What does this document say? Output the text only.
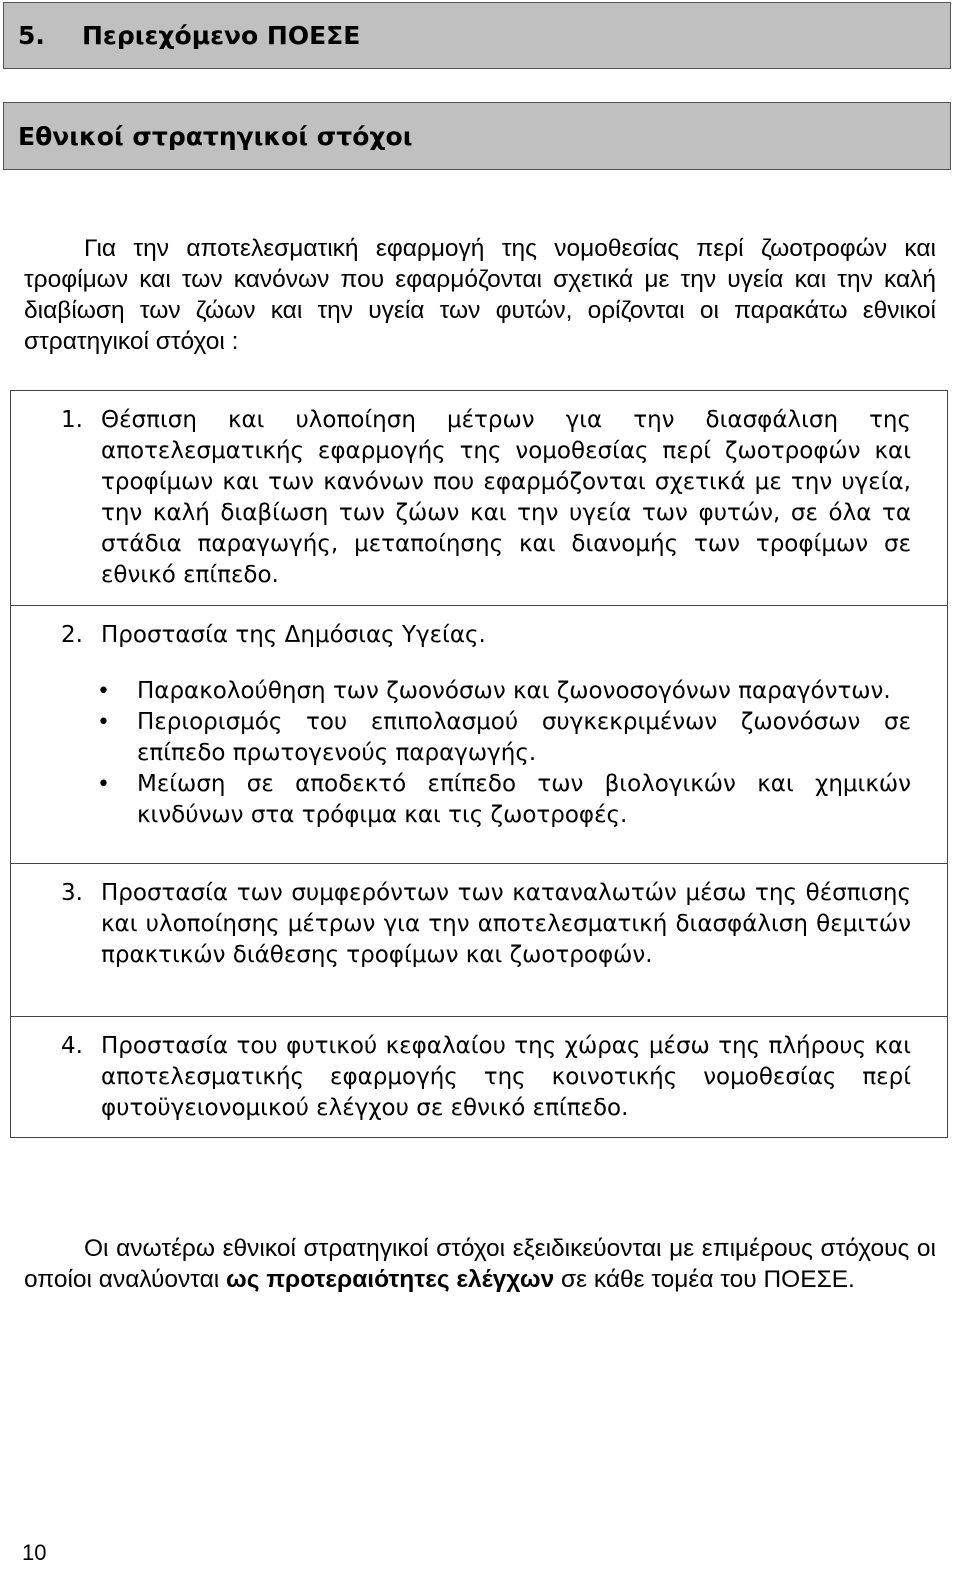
5.	Περιεχόμενο ΠΟΕΣΕ
Εθνικοί στρατηγικοί στόχοι

Για την αποτελεσματική εφαρμογή της νομοθεσίας περί ζωοτροφών και τροφίμων και των κανόνων που εφαρμόζονται σχετικά με την υγεία και την καλή διαβίωση των ζώων και την υγεία των φυτών, ορίζονται οι παρακάτω εθνικοί στρατηγικοί στόχοι :

1. Θέσπιση και υλοποίηση μέτρων για την διασφάλιση της αποτελεσματικής εφαρμογής της νομοθεσίας περί ζωοτροφών και τροφίμων και των κανόνων που εφαρμόζονται σχετικά με την υγεία, την καλή διαβίωση των ζώων και την υγεία των φυτών, σε όλα τα στάδια παραγωγής, μεταποίησης και διανομής των τροφίμων σε εθνικό επίπεδο.

2. Προστασία της Δημόσιας Υγείας.

• Παρακολούθηση των ζωονόσων και ζωονοσογόνων παραγόντων.
• Περιορισμός του επιπολασμού συγκεκριμένων ζωονόσων σε επίπεδο πρωτογενούς παραγωγής.
• Μείωση σε αποδεκτό επίπεδο των βιολογικών και χημικών κινδύνων στα τρόφιμα και τις ζωοτροφές.

3. Προστασία των συμφερόντων των καταναλωτών μέσω της θέσπισης και υλοποίησης μέτρων για την αποτελεσματική διασφάλιση θεμιτών πρακτικών διάθεσης τροφίμων και ζωοτροφών.

4. Προστασία του φυτικού κεφαλαίου της χώρας μέσω της πλήρους και αποτελεσματικής εφαρμογής της κοινοτικής νομοθεσίας περί φυτοϋγειονομικού ελέγχου σε εθνικό επίπεδο.

Οι ανωτέρω εθνικοί στρατηγικοί στόχοι εξειδικεύονται με επιμέρους στόχους οι οποίοι αναλύονται ως προτεραιότητες ελέγχων σε κάθε τομέα του ΠΟΕΣΕ.

10
